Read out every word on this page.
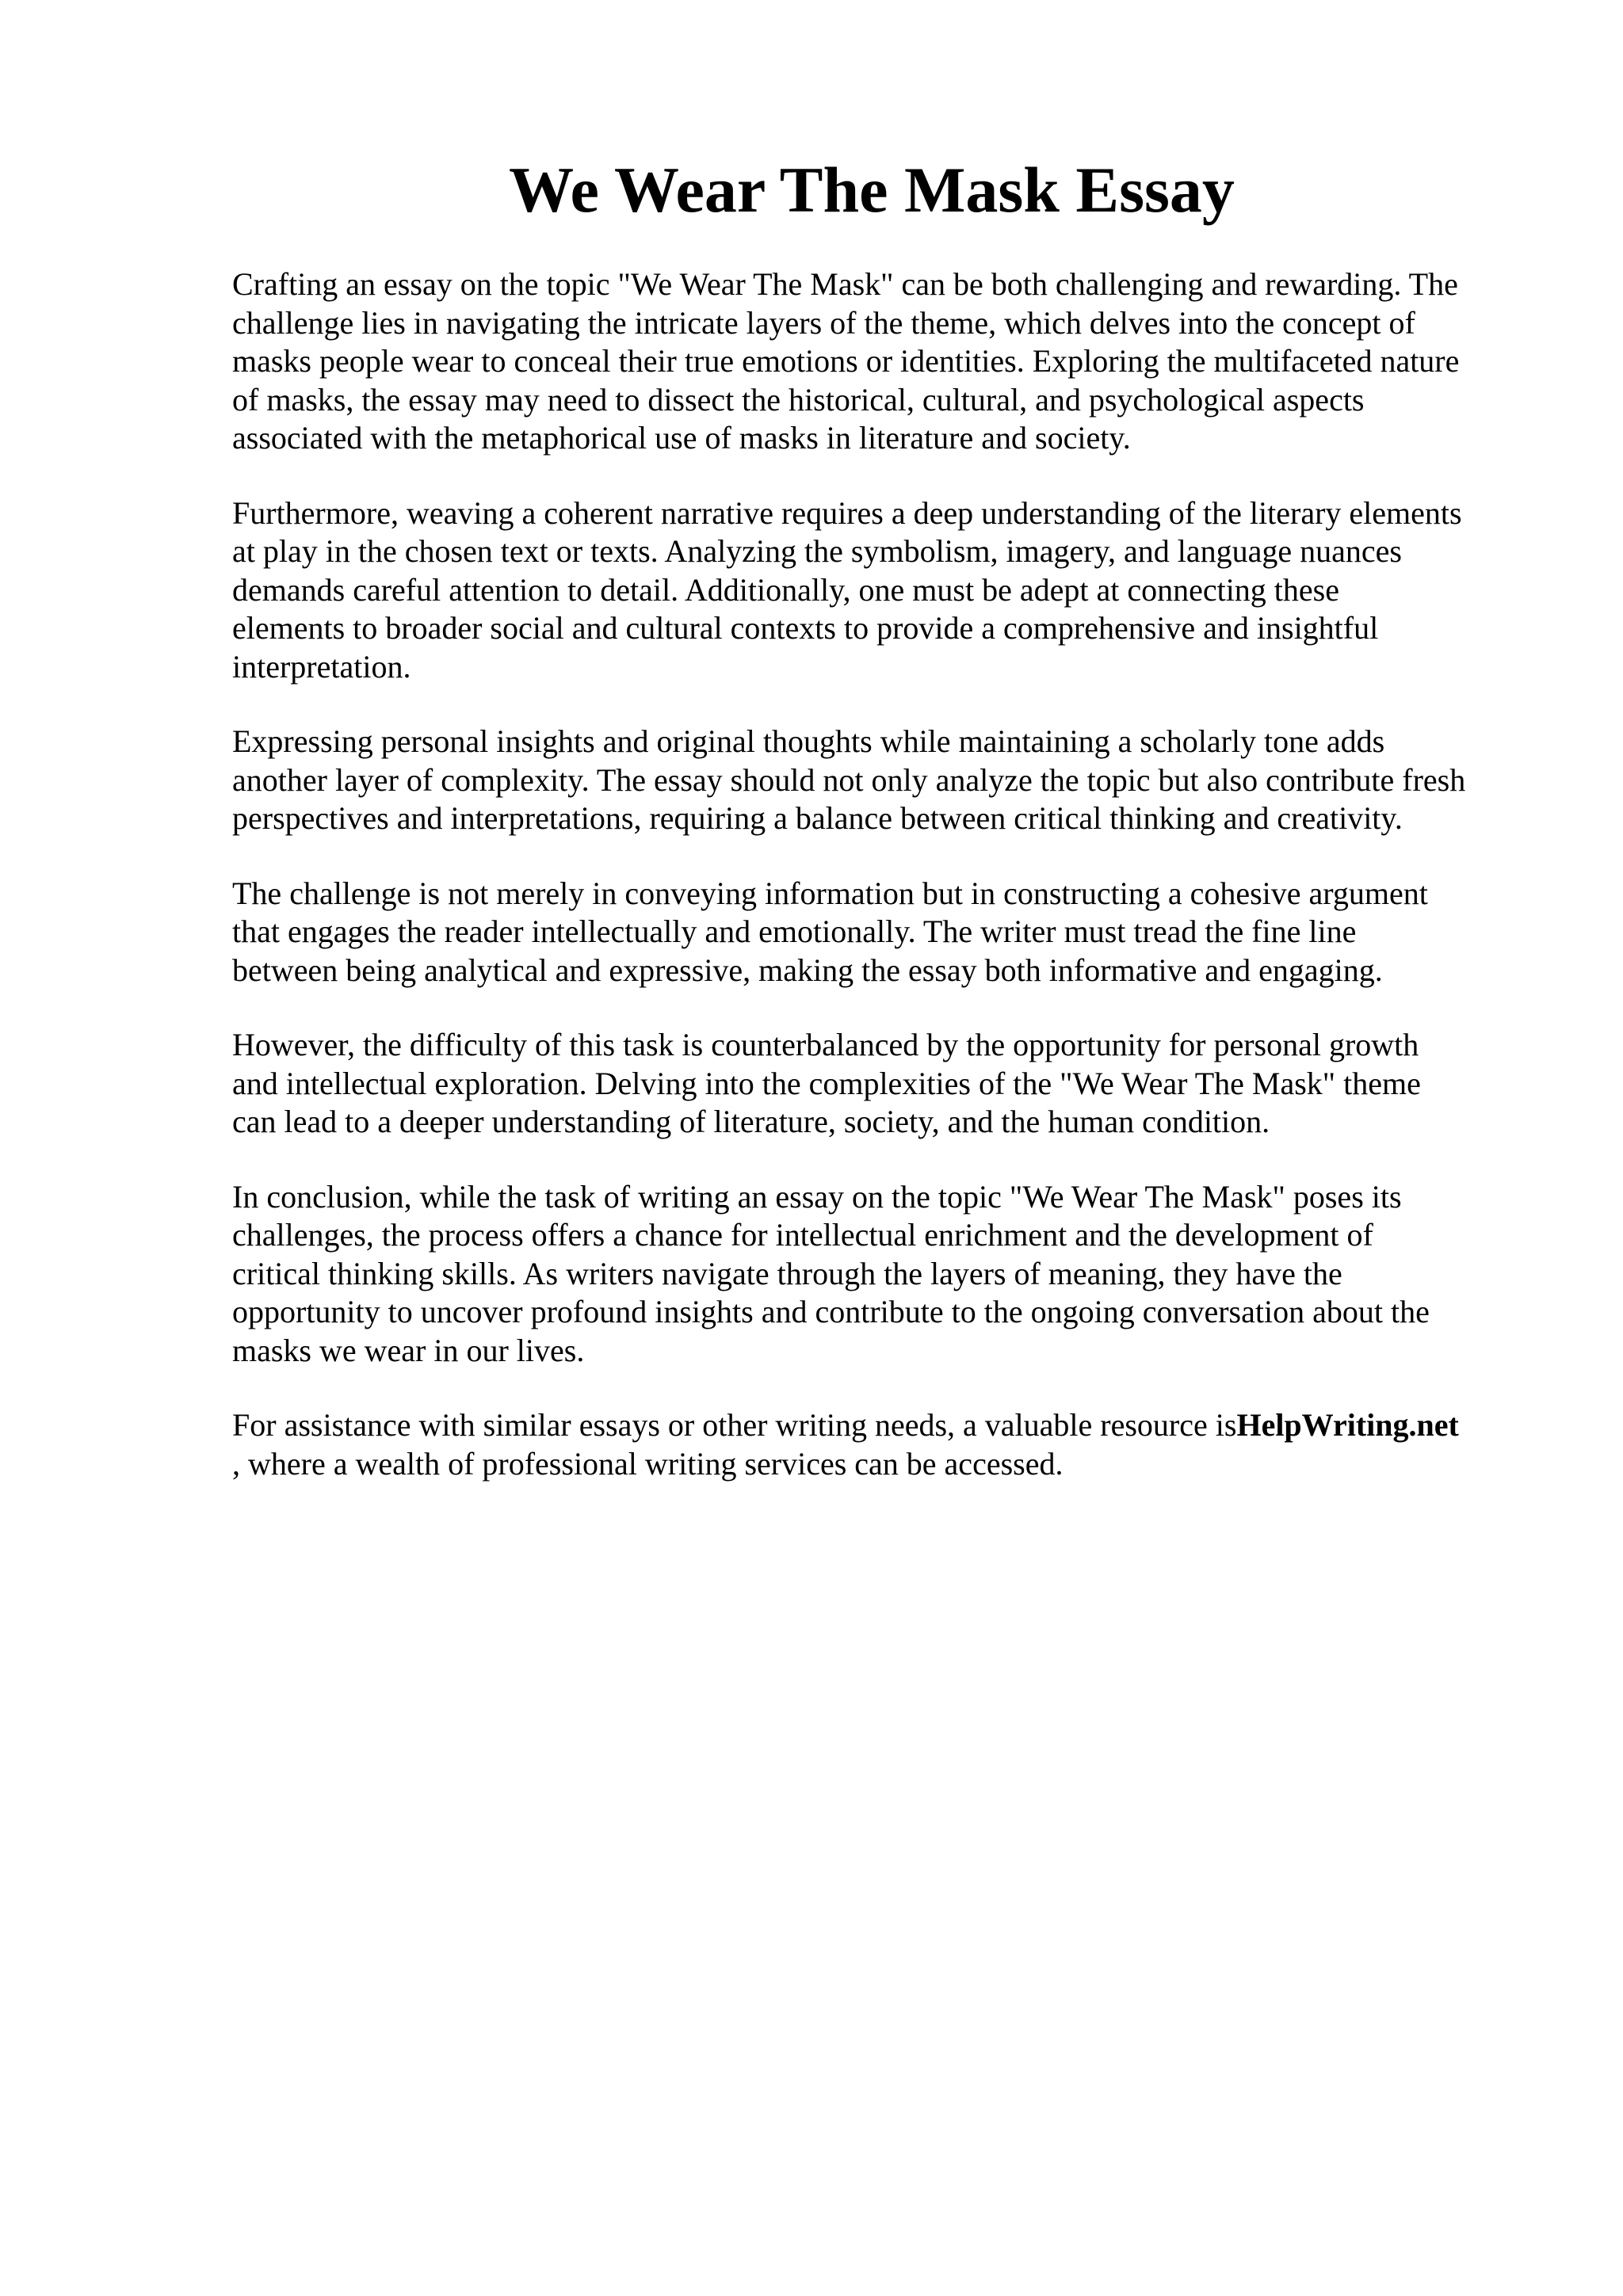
We Wear The Mask Essay

Crafting an essay on the topic "We Wear The Mask" can be both challenging and rewarding. The
challenge lies in navigating the intricate layers of the theme, which delves into the concept of
masks people wear to conceal their true emotions or identities. Exploring the multifaceted nature
of masks, the essay may need to dissect the historical, cultural, and psychological aspects
associated with the metaphorical use of masks in literature and society.

Furthermore, weaving a coherent narrative requires a deep understanding of the literary elements
at play in the chosen text or texts. Analyzing the symbolism, imagery, and language nuances
demands careful attention to detail. Additionally, one must be adept at connecting these
elements to broader social and cultural contexts to provide a comprehensive and insightful
interpretation.

Expressing personal insights and original thoughts while maintaining a scholarly tone adds
another layer of complexity. The essay should not only analyze the topic but also contribute fresh
perspectives and interpretations, requiring a balance between critical thinking and creativity.

The challenge is not merely in conveying information but in constructing a cohesive argument
that engages the reader intellectually and emotionally. The writer must tread the fine line
between being analytical and expressive, making the essay both informative and engaging.

However, the difficulty of this task is counterbalanced by the opportunity for personal growth
and intellectual exploration. Delving into the complexities of the "We Wear The Mask" theme
can lead to a deeper understanding of literature, society, and the human condition.

In conclusion, while the task of writing an essay on the topic "We Wear The Mask" poses its
challenges, the process offers a chance for intellectual enrichment and the development of
critical thinking skills. As writers navigate through the layers of meaning, they have the
opportunity to uncover profound insights and contribute to the ongoing conversation about the
masks we wear in our lives.

For assistance with similar essays or other writing needs, a valuable resource isHelpWriting.net
, where a wealth of professional writing services can be accessed.
